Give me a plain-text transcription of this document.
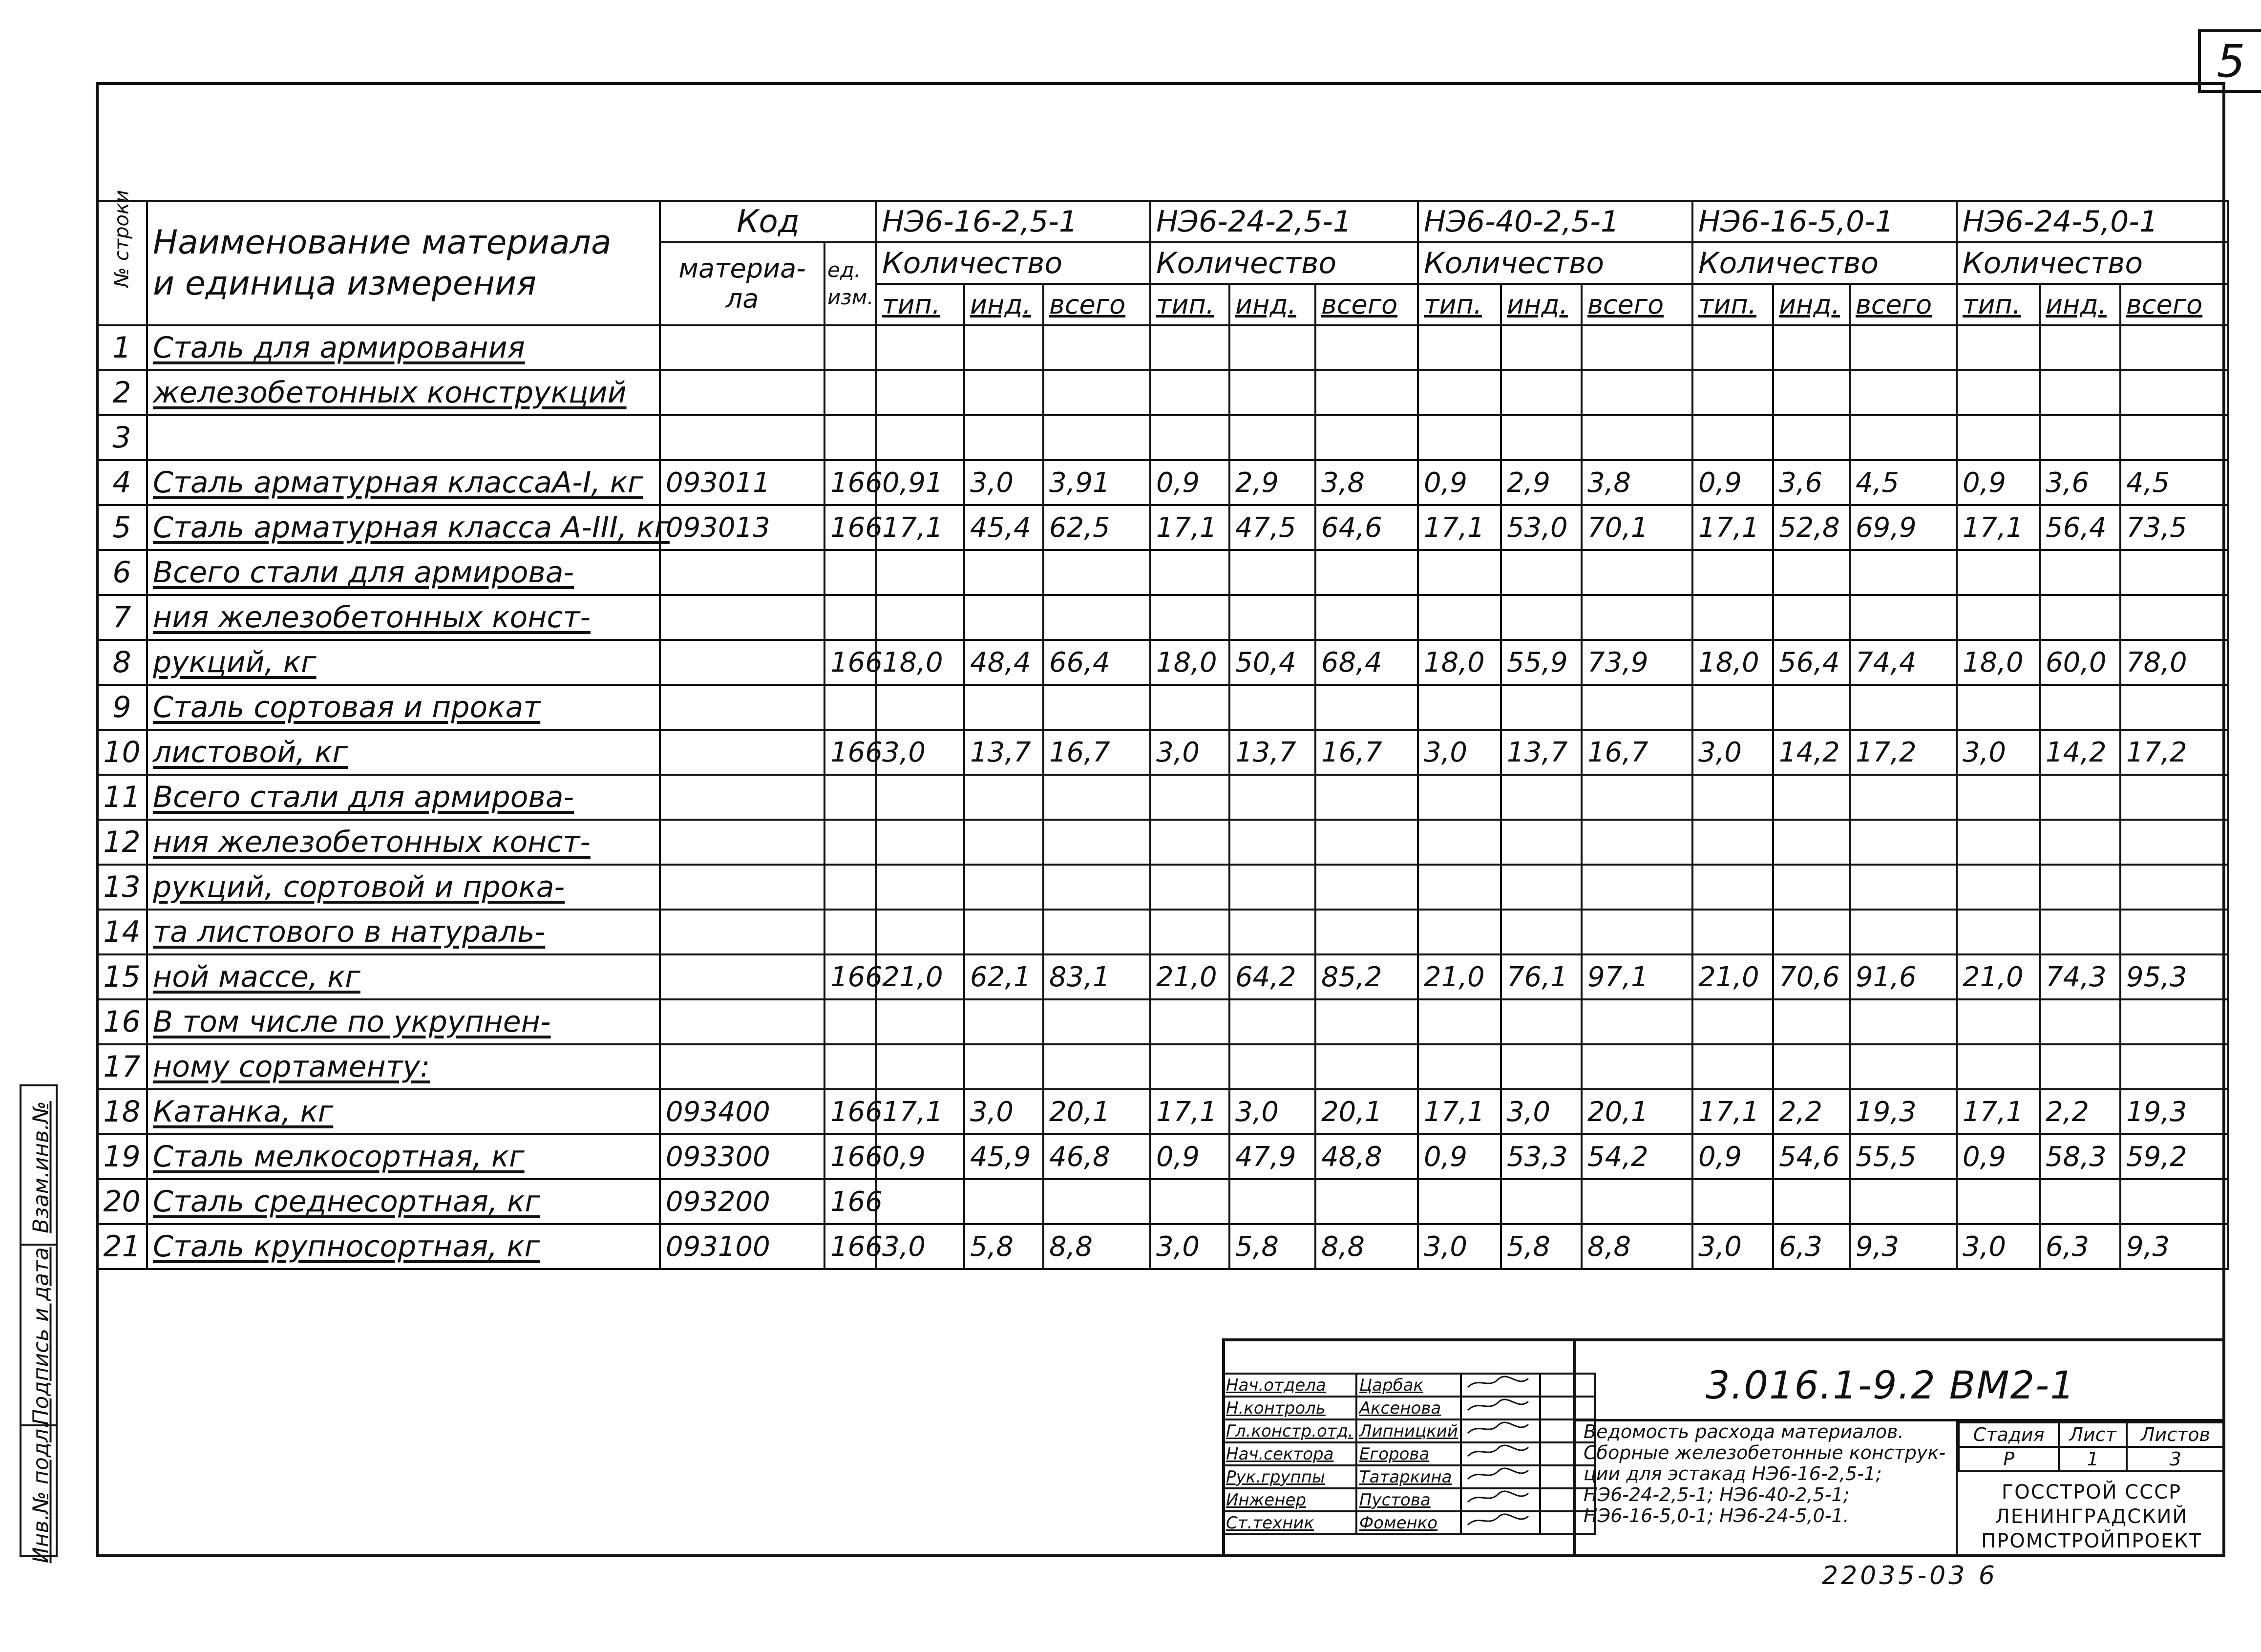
5
№ строки	Наименование материала
и единица измерения	Код		НЭ6-16-2,5-1			НЭ6-24-2,5-1			НЭ6-40-2,5-1			НЭ6-16-5,0-1			НЭ6-24-5,0-1		
		материа- ла	ед. изм.	Количество			Количество			Количество			Количество			Количество		
				тип.	инд.	всего	тип.	инд.	всего	тип.	инд.	всего	тип.	инд.	всего	тип.	инд.	всего
1	Сталь для армирования																	
2	железобетонных конструкций																	
3																		
4	Сталь арматурная классаА-I, кг	093011	166	0,91	3,0	3,91	0,9	2,9	3,8	0,9	2,9	3,8	0,9	3,6	4,5	0,9	3,6	4,5
5	Сталь арматурная класса А-III, кг	093013	166	17,1	45,4	62,5	17,1	47,5	64,6	17,1	53,0	70,1	17,1	52,8	69,9	17,1	56,4	73,5
6	Всего стали для армирова-																	
7	ния железобетонных конст-																	
8	рукций, кг		166	18,0	48,4	66,4	18,0	50,4	68,4	18,0	55,9	73,9	18,0	56,4	74,4	18,0	60,0	78,0
9	Сталь сортовая и прокат																	
10	листовой, кг		166	3,0	13,7	16,7	3,0	13,7	16,7	3,0	13,7	16,7	3,0	14,2	17,2	3,0	14,2	17,2
11	Всего стали для армирова-																	
12	ния железобетонных конст-																	
13	рукций, сортовой и прока-																	
14	та листового в натураль-																	
15	ной массе, кг		166	21,0	62,1	83,1	21,0	64,2	85,2	21,0	76,1	97,1	21,0	70,6	91,6	21,0	74,3	95,3
16	В том числе по укрупнен-																	
17	ному сортаменту:																	
18	Катанка, кг	093400	166	17,1	3,0	20,1	17,1	3,0	20,1	17,1	3,0	20,1	17,1	2,2	19,3	17,1	2,2	19,3
19	Сталь мелкосортная, кг	093300	166	0,9	45,9	46,8	0,9	47,9	48,8	0,9	53,3	54,2	0,9	54,6	55,5	0,9	58,3	59,2
20	Сталь среднесортная, кг	093200	166															
21	Сталь крупносортная, кг	093100	166	3,0	5,8	8,8	3,0	5,8	8,8	3,0	5,8	8,8	3,0	6,3	9,3	3,0	6,3	9,3
Взам.инв.№
Подпись и дата
Инв.№ подл.
Нач.отдела	Царбак		
Н.контроль	Аксенова		
Гл.констр.отд.	Липницкий		
Нач.сектора	Егорова		
Рук.группы	Татаркина		
Инженер	Пустова		
Ст.техник	Фоменко		
3.016.1-9.2 ВМ2-1
Ведомость расхода материалов.
Сборные железобетонные конструк-
ции для эстакад НЭ6-16-2,5-1;
НЭ6-24-2,5-1; НЭ6-40-2,5-1;
НЭ6-16-5,0-1; НЭ6-24-5,0-1.
Стадия	Лист	Листов
Р	1	3
ГОССТРОЙ СССР
ЛЕНИНГРАДСКИЙ
ПРОМСТРОЙПРОЕКТ
22035-03 6
